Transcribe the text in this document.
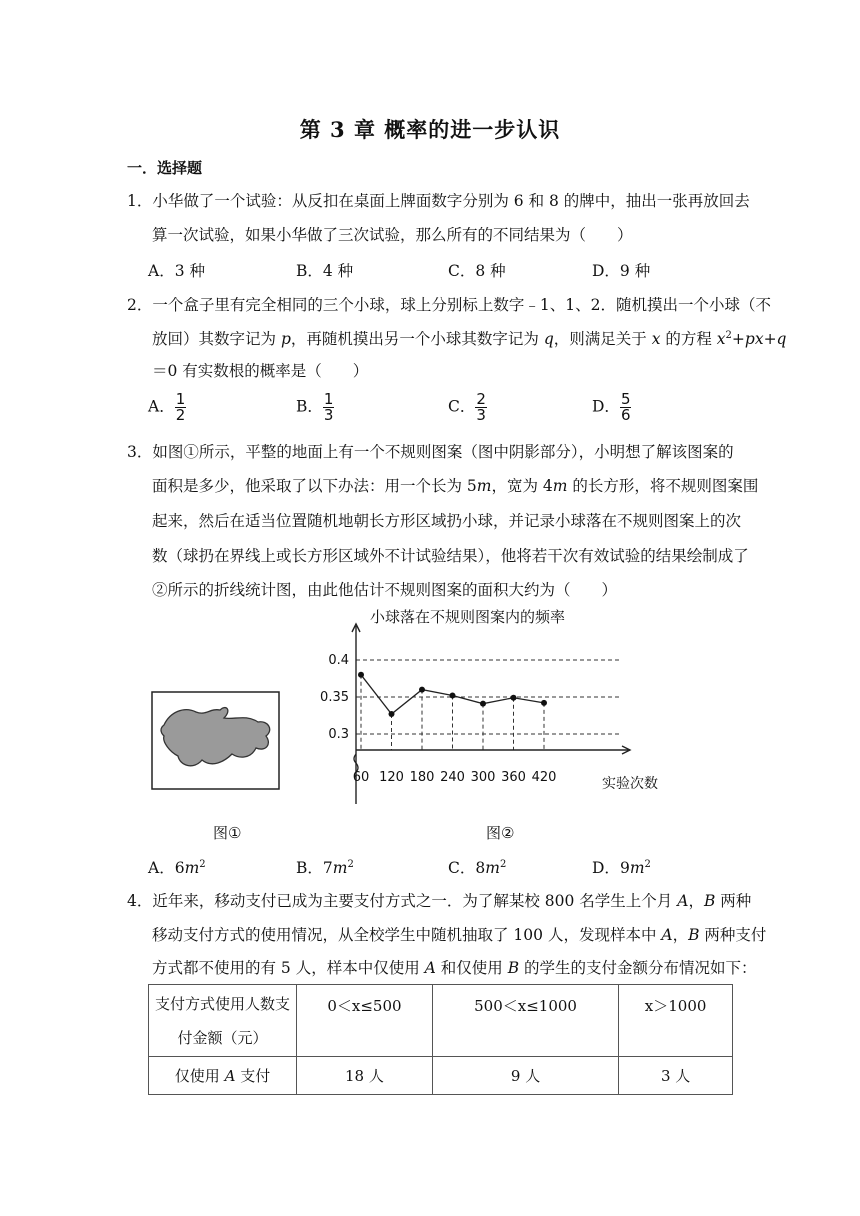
第 3 章 概率的进一步认识
一．选择题
1．小华做了一个试验：从反扣在桌面上牌面数字分别为 6 和 8 的牌中，抽出一张再放回去
算一次试验，如果小华做了三次试验，那么所有的不同结果为（　　）
A．3 种	B．4 种	C．8 种	D．9 种
2．一个盒子里有完全相同的三个小球，球上分别标上数字﹣1、1、2．随机摸出一个小球（不
放回）其数字记为 p，再随机摸出另一个小球其数字记为 q，则满足关于 x 的方程 $x^2+px+q$
＝0 有实数根的概率是（　　）
A． $\frac{1}{2}$	B． $\frac{1}{3}$	C． $\frac{2}{3}$	D． $\frac{5}{6}$
3．如图①所示，平整的地面上有一个不规则图案（图中阴影部分），小明想了解该图案的
面积是多少，他采取了以下办法：用一个长为 5m，宽为 4m 的长方形，将不规则图案围
起来，然后在适当位置随机地朝长方形区域扔小球，并记录小球落在不规则图案上的次
数（球扔在界线上或长方形区域外不计试验结果），他将若干次有效试验的结果绘制成了
②所示的折线统计图，由此他估计不规则图案的面积大约为（　　）
图①
小球落在不规则图案内的频率
0.3
0.35
0.4
60 120 180 240 300 360 420	实验次数
图②
A．$6m^2$	B．$7m^2$	C．$8m^2$	D．$9m^2$
4．近年来，移动支付已成为主要支付方式之一．为了解某校 800 名学生上个月 A，B 两种
移动支付方式的使用情况，从全校学生中随机抽取了 100 人，发现样本中 A，B 两种支付
方式都不使用的有 5 人，样本中仅使用 A 和仅使用 B 的学生的支付金额分布情况如下：
支付方式使用人数支
付金额（元）	0＜x≤500	500＜x≤1000	x＞1000
仅使用 A 支付	18 人	9 人	3 人
